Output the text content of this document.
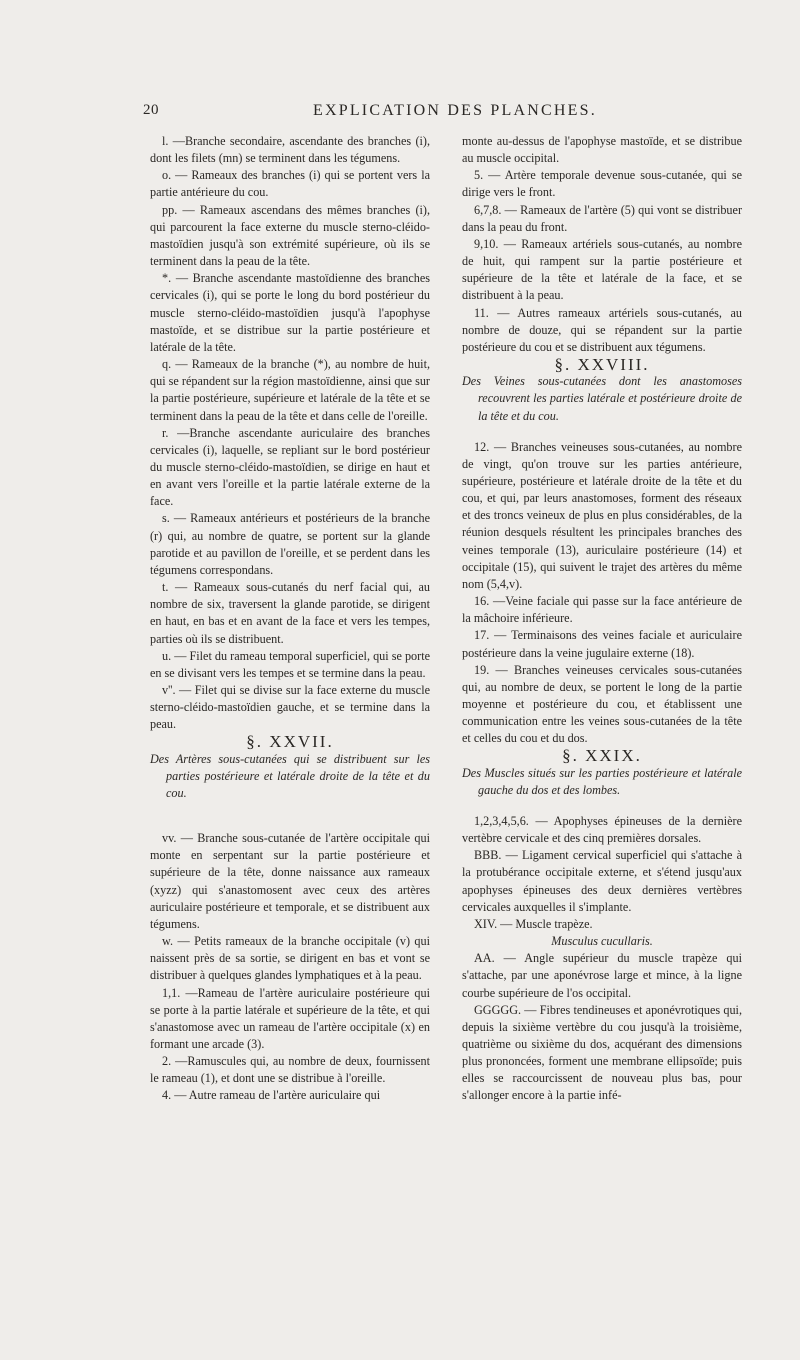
20	EXPLICATION DES PLANCHES.

l. —Branche secondaire, ascendante des branches (i), dont les filets (mn) se terminent dans les tégumens.

o. — Rameaux des branches (i) qui se portent vers la partie antérieure du cou.

pp. — Rameaux ascendans des mêmes branches (i), qui parcourent la face externe du muscle sterno-cléido-mastoïdien jusqu'à son extrémité supérieure, où ils se terminent dans la peau de la tête.

*. — Branche ascendante mastoïdienne des branches cervicales (i), qui se porte le long du bord postérieur du muscle sterno-cléido-mastoïdien jusqu'à l'apophyse mastoïde, et se distribue sur la partie postérieure et latérale de la tête.

q. — Rameaux de la branche (*), au nombre de huit, qui se répandent sur la région mastoïdienne, ainsi que sur la partie postérieure, supérieure et latérale de la tête et se terminent dans la peau de la tête et dans celle de l'oreille.

r. —Branche ascendante auriculaire des branches cervicales (i), laquelle, se repliant sur le bord postérieur du muscle sterno-cléido-mastoïdien, se dirige en haut et en avant vers l'oreille et la partie latérale externe de la face.

s. — Rameaux antérieurs et postérieurs de la branche (r) qui, au nombre de quatre, se portent sur la glande parotide et au pavillon de l'oreille, et se perdent dans les tégumens correspondans.

t. — Rameaux sous-cutanés du nerf facial qui, au nombre de six, traversent la glande parotide, se dirigent en haut, en bas et en avant de la face et vers les tempes, parties où ils se distribuent.

u. — Filet du rameau temporal superficiel, qui se porte en se divisant vers les tempes et se termine dans la peau.

v''. — Filet qui se divise sur la face externe du muscle sterno-cléido-mastoïdien gauche, et se termine dans la peau.

§. XXVII.

Des Artères sous-cutanées qui se distribuent sur les parties postérieure et latérale droite de la tête et du cou.

vv. — Branche sous-cutanée de l'artère occipitale qui monte en serpentant sur la partie postérieure et supérieure de la tête, donne naissance aux rameaux (xyzz) qui s'anastomosent avec ceux des artères auriculaire postérieure et temporale, et se distribuent aux tégumens.

w. — Petits rameaux de la branche occipitale (v) qui naissent près de sa sortie, se dirigent en bas et vont se distribuer à quelques glandes lymphatiques et à la peau.

1,1. —Rameau de l'artère auriculaire postérieure qui se porte à la partie latérale et supérieure de la tête, et qui s'anastomose avec un rameau de l'artère occipitale (x) en formant une arcade (3).

2. —Ramuscules qui, au nombre de deux, fournissent le rameau (1), et dont une se distribue à l'oreille.

4. — Autre rameau de l'artère auriculaire qui

monte au-dessus de l'apophyse mastoïde, et se distribue au muscle occipital.

5. — Artère temporale devenue sous-cutanée, qui se dirige vers le front.

6,7,8. — Rameaux de l'artère (5) qui vont se distribuer dans la peau du front.

9,10. — Rameaux artériels sous-cutanés, au nombre de huit, qui rampent sur la partie postérieure et supérieure de la tête et latérale de la face, et se distribuent à la peau.

11. — Autres rameaux artériels sous-cutanés, au nombre de douze, qui se répandent sur la partie postérieure du cou et se distribuent aux tégumens.

§. XXVIII.

Des Veines sous-cutanées dont les anastomoses recouvrent les parties latérale et postérieure droite de la tête et du cou.

12. — Branches veineuses sous-cutanées, au nombre de vingt, qu'on trouve sur les parties antérieure, supérieure, postérieure et latérale droite de la tête et du cou, et qui, par leurs anastomoses, forment des réseaux et des troncs veineux de plus en plus considérables, de la réunion desquels résultent les principales branches des veines temporale (13), auriculaire postérieure (14) et occipitale (15), qui suivent le trajet des artères du même nom (5,4,v).

16. —Veine faciale qui passe sur la face antérieure de la mâchoire inférieure.

17. — Terminaisons des veines faciale et auriculaire postérieure dans la veine jugulaire externe (18).

19. — Branches veineuses cervicales sous-cutanées qui, au nombre de deux, se portent le long de la partie moyenne et postérieure du cou, et établissent une communication entre les veines sous-cutanées de la tête et celles du cou et du dos.

§. XXIX.

Des Muscles situés sur les parties postérieure et latérale gauche du dos et des lombes.

1,2,3,4,5,6. — Apophyses épineuses de la dernière vertèbre cervicale et des cinq premières dorsales.

BBB. — Ligament cervical superficiel qui s'attache à la protubérance occipitale externe, et s'étend jusqu'aux apophyses épineuses des deux dernières vertèbres cervicales auxquelles il s'implante.

XIV. — Muscle trapèze.

Musculus cucullaris.

AA. — Angle supérieur du muscle trapèze qui s'attache, par une aponévrose large et mince, à la ligne courbe supérieure de l'os occipital.

GGGGG. — Fibres tendineuses et aponévrotiques qui, depuis la sixième vertèbre du cou jusqu'à la troisième, quatrième ou sixième du dos, acquérant des dimensions plus prononcées, forment une membrane ellipsoïde; puis elles se raccourcissent de nouveau plus bas, pour s'allonger encore à la partie infé-
